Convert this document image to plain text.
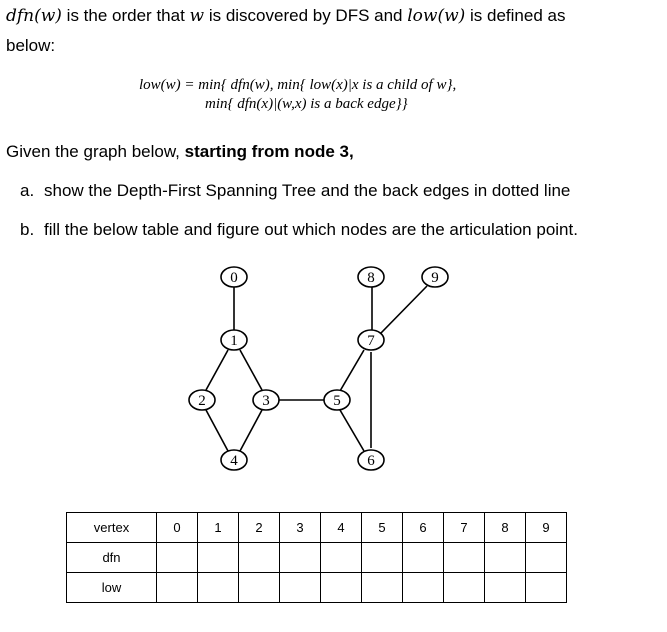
dfn(w) is the order that w is discovered by DFS and low(w) is defined as
below:
low(w) = min{ dfn(w), min{ low(x)|x is a child of w},
min{ dfn(x)|(w,x) is a back edge}}
Given the graph below, starting from node 3,
a. show the Depth-First Spanning Tree and the back edges in dotted line
b. fill the below table and figure out which nodes are the articulation point.
0
1
2	3
4
5
6
7
8	9
vertex	0	1	2	3	4	5	6	7	8	9
dfn										
low										
